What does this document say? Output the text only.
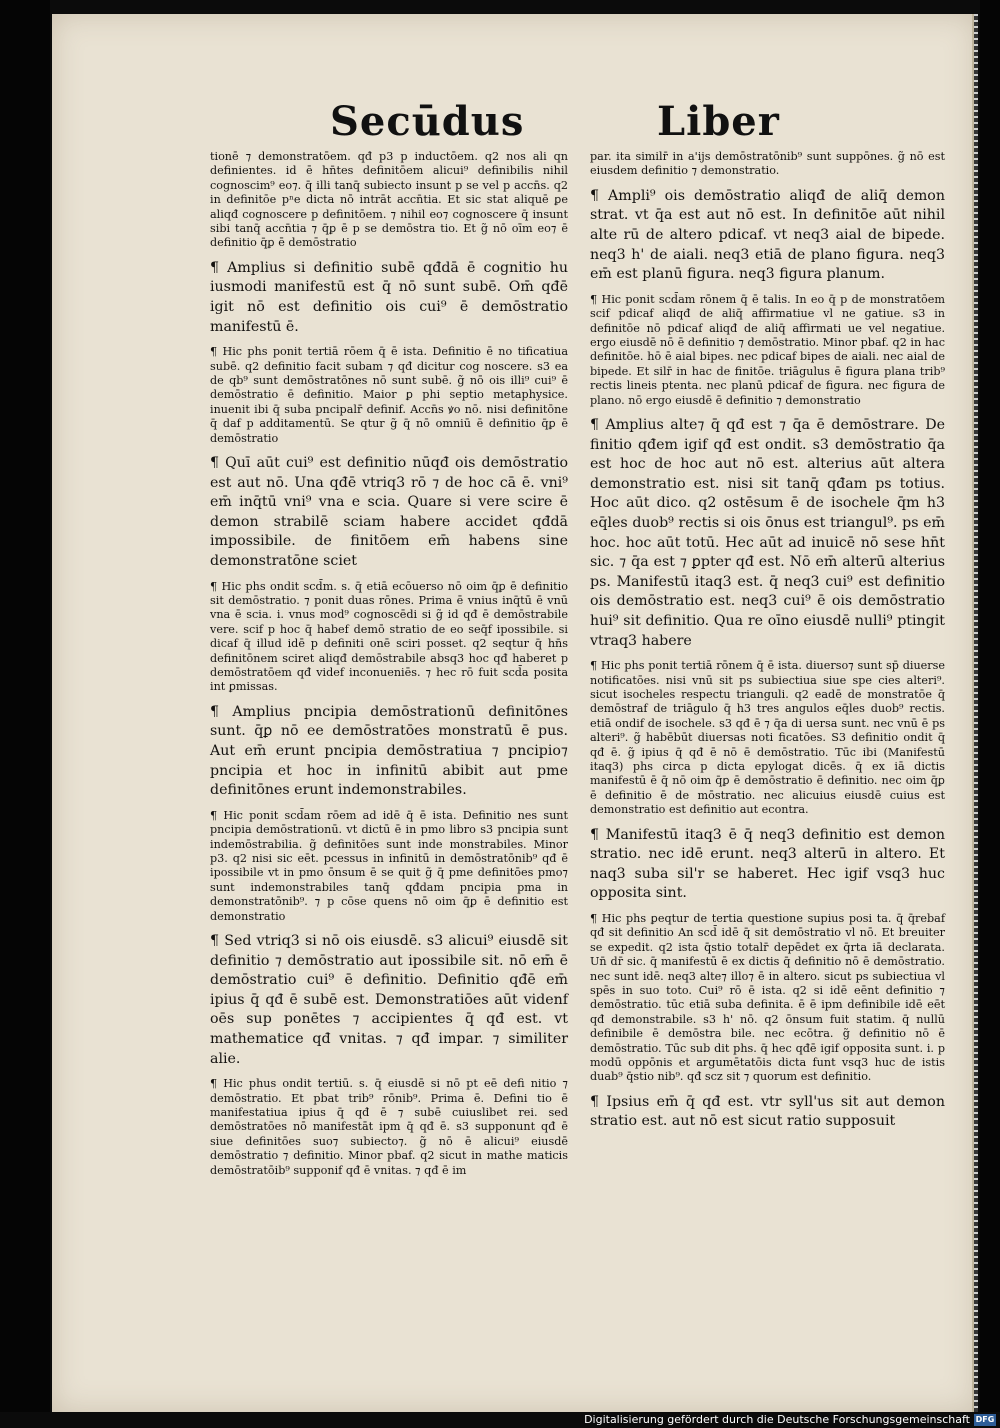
Secūdus	Liber

tionē ⁊ demonstratōem. qđ p3 p inductōem. q2 nos ali qn definientes. id ē hn̄tes definitōem alicui⁹ definibilis nihil cognoscim⁹ eo⁊. q̄ illi tanq̄ subiecto insunt p se vel p accn̄s. q2 in definitōe pⁿe dicta nō intrāt accn̄tia. Et sic stat aliquē ꝑe aliqđ cognoscere p definitōem. ⁊ nihil eo⁊ cognoscere q̄ insunt sibi tanq̄ accn̄tia ⁊ q̄ꝑ ē p se demōstra tio. Et g̃ nō oīm eo⁊ ē definitio q̄ꝑ ē demōstratio

¶ Amplius si definitio subē qđdā ē cognitio hu iusmodi manifestū est q̄ nō sunt subē. Om̄ qđē igit nō est definitio ois cui⁹ ē demōstratio manifestū ē.

¶ Hic phs ponit tertiā rōem q̄ ē ista. Definitio ē no tificatiua subē. q2 definitio facit subam ⁊ qđ dicitur cog noscere. s3 ea de qb⁹ sunt demōstratōnes nō sunt subē. g̃ nō ois illi⁹ cui⁹ ē demōstratio ē definitio. Maior ꝑ phi septio metaphysice. inuenit ibi q̄ suba pncipalr̄ definif. Accn̄s ꝟo nō. nisi definitōne q̄ daf p additamentū. Se qtur g̃ q̄ nō omniū ē definitio q̄ꝑ ē demōstratio

¶ Quī aūt cui⁹ est definitio nūqđ ois demōstratio est aut nō. Una qđē vtriq3 rō ⁊ de hoc cā ē. vni⁹ em̄ inq̄tū vni⁹ vna e scia. Quare si vere scire ē demon strabilē sciam habere accidet qđdā impossibile. de finitōem em̄ habens sine demonstratōne sciet

¶ Hic phs ondit scd̄m. s. q̄ etiā ecōuerso nō oim q̄ꝑ ē definitio sit demōstratio. ⁊ ponit duas rōnes. Prima ē vnius inq̄tū ē vnū vna ē scia. i. vnus mod⁹ cognoscēdi si g̃ id qđ ē demōstrabile vere. scif p hoc q̄ habef demō stratio de eo seq̄f ipossibile. si dicaf q̄ illud idē p definiti onē sciri posset. q2 seqtur q̄ hn̄s definitōnem sciret aliqđ demōstrabile absq3 hoc qđ haberet p demōstratōem qđ videf inconueniēs. ⁊ hec rō fuit scd̄a posita int ꝑmissas.

¶ Amplius pncipia demōstrationū definitōnes sunt. q̄ꝑ nō ee demōstratōes monstratū ē pus. Aut em̄ erunt pncipia demōstratiua ⁊ pncipio⁊ pncipia et hoc in infinitū abibit aut pme definitōnes erunt indemonstrabiles.

¶ Hic ponit scd̄am rōem ad idē q̄ ē ista. Definitio nes sunt pncipia demōstrationū. vt dictū ē in pmo libro s3 pncipia sunt indemōstrabilia. g̃ definitōes sunt inde monstrabiles. Minor p3. q2 nisi sic eēt. pcessus in infinitū in demōstratōnib⁹ qđ ē ipossibile vt in pmo ōnsum ē se quit g̃ q̄ pme definitōes pmo⁊ sunt indemonstrabiles tanq̄ qđdam pncipia pma in demonstratōnib⁹. ⁊ p cōse quens nō oim q̄ꝑ ē definitio est demonstratio

¶ Sed vtriq3 si nō ois eiusdē. s3 alicui⁹ eiusdē sit definitio ⁊ demōstratio aut ipossibile sit. nō em̄ ē demōstratio cui⁹ ē definitio. Definitio qđē em̄ ipius q̄ qđ ē subē est. Demonstratiōes aūt videnf oēs sup ponētes ⁊ accipientes q̄ qđ est. vt mathematice qđ vnitas. ⁊ qđ impar. ⁊ similiter alie.

¶ Hic phus ondit tertiū. s. q̄ eiusdē si nō pt eē defi nitio ⁊ demōstratio. Et pbat trib⁹ rōnib⁹. Prima ē. Defini tio ē manifestatiua ipius q̄ qđ ē ⁊ subē cuiuslibet rei. sed demōstratōes nō manifestāt ipm q̄ qđ ē. s3 supponunt qđ ē siue definitōes suo⁊ subiecto⁊. g̃ nō ē alicui⁹ eiusdē demōstratio ⁊ definitio. Minor pbaf. q2 sicut in mathe maticis demōstratōib⁹ supponif qđ ē vnitas. ⁊ qđ ē im

par. ita similr̄ in a'ijs demōstratōnib⁹ sunt suppōnes. g̃ nō est eiusdem definitio ⁊ demonstratio.

¶ Ampli⁹ ois demōstratio aliqđ de aliq̄ demon strat. vt q̄a est aut nō est. In definitōe aūt nihil alte rū de altero pdicaf. vt neq3 aial de bipede. neq3 h' de aiali. neq3 etiā de plano figura. neq3 em̄ est planū figura. neq3 figura planum.

¶ Hic ponit scd̄am rōnem q̄ ē talis. In eo q̄ p de monstratōem scif pdicaf aliqđ de aliq̄ affirmatiue vl ne gatiue. s3 in definitōe nō pdicaf aliqđ de aliq̄ affirmati ue vel negatiue. ergo eiusdē nō ē definitio ⁊ demōstratio. Minor pbaf. q2 in hac definitōe. hō ē aial bipes. nec pdicaf bipes de aiali. nec aial de bipede. Et silr̄ in hac de finitōe. triāgulus ē figura plana trib⁹ rectis lineis ptenta. nec planū pdicaf de figura. nec figura de plano. nō ergo eiusdē ē definitio ⁊ demonstratio

¶ Amplius alte⁊ q̄ qđ est ⁊ q̄a ē demōstrare. De finitio qđem igif qđ est ondit. s3 demōstratio q̄a est hoc de hoc aut nō est. alterius aūt altera demonstratio est. nisi sit tanq̄ qđam ps totius. Hoc aūt dico. q2 ostēsum ē de isochele q̄m h3 eq̄les duob⁹ rectis si ois ōnus est triangul⁹. ps em̄ hoc. hoc aūt totū. Hec aūt ad inuicē nō sese hn̄t sic. ⁊ q̄a est ⁊ ꝑpter qđ est. Nō em̄ alterū alterius ps. Manifestū itaq3 est. q̄ neq3 cui⁹ est definitio ois demōstratio est. neq3 cui⁹ ē ois demōstratio hui⁹ sit definitio. Qua re oīno eiusdē nulli⁹ ptingit vtraq3 habere

¶ Hic phs ponit tertiā rōnem q̄ ē ista. diuerso⁊ sunt sp̄ diuerse notificatōes. nisi vnū sit ps subiectiua siue spe cies alteri⁹. sicut isocheles respectu trianguli. q2 eadē de monstratōe q̄ demōstraf de triāgulo q̄ h3 tres angulos eq̄les duob⁹ rectis. etiā ondif de isochele. s3 qđ ē ⁊ q̄a di uersa sunt. nec vnū ē ps alteri⁹. g̃ habēbūt diuersas noti ficatōes. S3 definitio ondit q̄ qđ ē. g̃ ipius q̄ qđ ē nō ē demōstratio. Tūc ibi (Manifestū itaq3) phs circa p dicta epylogat dicēs. q̄ ex iā dictis manifestū ē q̄ nō oim q̄ꝑ ē demōstratio ē definitio. nec oim q̄ꝑ ē definitio ē de mōstratio. nec alicuius eiusdē cuius est demonstratio est definitio aut econtra.

¶ Manifestū itaq3 ē q̄ neq3 definitio est demon stratio. nec idē erunt. neq3 alterū in altero. Et naq3 suba sil'r se haberet. Hec igif vsq3 huc opposita sint.

¶ Hic phs ꝑeqtur de tertia questione supius posi ta. q̄ q̄rebaf qđ sit definitio An scd̄ idē q̄ sit demōstratio vl nō. Et breuiter se expedit. q2 ista q̄stio totalr̄ depēdet ex q̄rta iā declarata. Un̄ dr̄ sic. q̄ manifestū ē ex dictis q̄ definitio nō ē demōstratio. nec sunt idē. neq3 alte⁊ illo⁊ ē in altero. sicut ps subiectiua vl spēs in suo toto. Cui⁹ rō ē ista. q2 si idē eēnt definitio ⁊ demōstratio. tūc etiā suba definita. ē ē ipm definibile idē eēt qđ demonstrabile. s3 h' nō. q2 ōnsum fuit statim. q̄ nullū definibile ē demōstra bile. nec ecōtra. g̃ definitio nō ē demōstratio. Tūc sub dit phs. q̄ hec qđē igif opposita sunt. i. p modū oppōnis et argumētatōis dicta funt vsq3 huc de istis duab⁹ q̄stio nib⁹. qđ scz sit ⁊ quorum est definitio.

¶ Ipsius em̄ q̄ qđ est. vtr syll'us sit aut demon stratio est. aut nō est sicut ratio supposuit

Digitalisierung gefördert durch die Deutsche Forschungsgemeinschaft DFG
